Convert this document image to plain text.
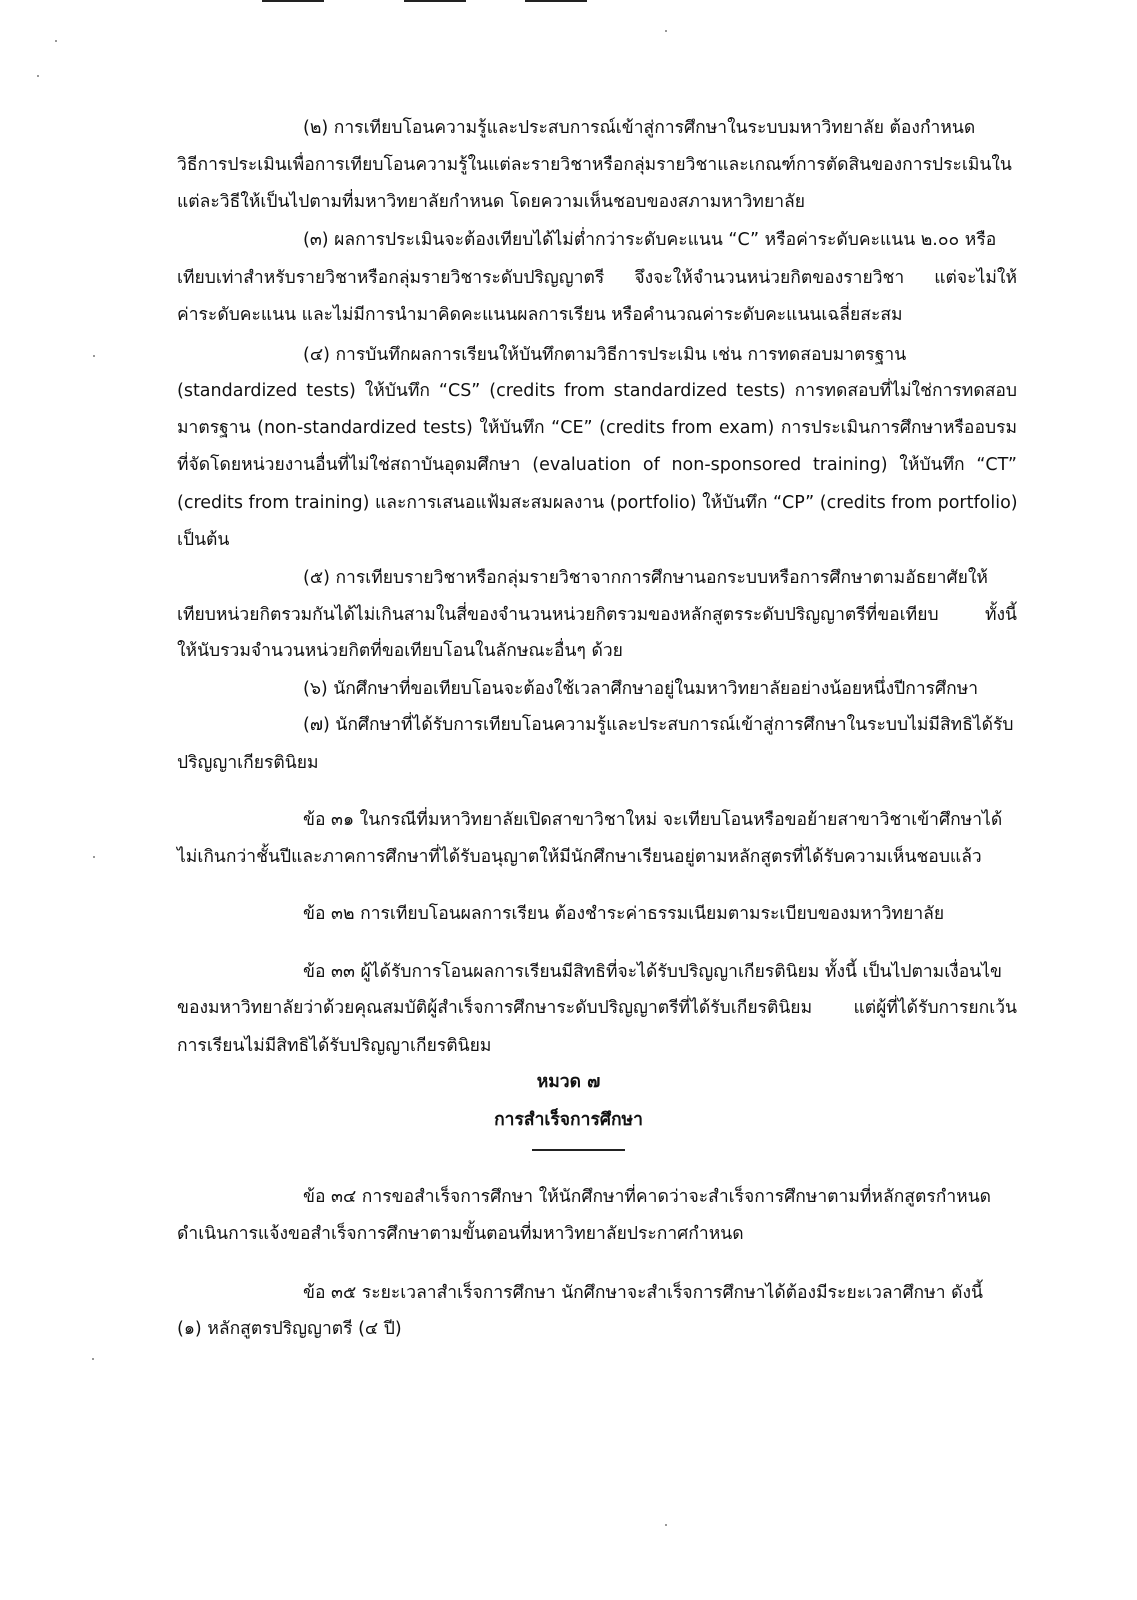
(๒) การเทียบโอนความรู้และประสบการณ์เข้าสู่การศึกษาในระบบมหาวิทยาลัย ต้องกำหนด
วิธีการประเมินเพื่อการเทียบโอนความรู้ในแต่ละรายวิชาหรือกลุ่มรายวิชาและเกณฑ์การตัดสินของการประเมินใน
แต่ละวิธีให้เป็นไปตามที่มหาวิทยาลัยกำหนด โดยความเห็นชอบของสภามหาวิทยาลัย
(๓) ผลการประเมินจะต้องเทียบได้ไม่ต่ำกว่าระดับคะแนน “C” หรือค่าระดับคะแนน ๒.๐๐ หรือ
เทียบเท่าสำหรับรายวิชาหรือกลุ่มรายวิชาระดับปริญญาตรี จึงจะให้จำนวนหน่วยกิตของรายวิชา แต่จะไม่ให้
ค่าระดับคะแนน และไม่มีการนำมาคิดคะแนนผลการเรียน หรือคำนวณค่าระดับคะแนนเฉลี่ยสะสม
(๔) การบันทึกผลการเรียนให้บันทึกตามวิธีการประเมิน เช่น การทดสอบมาตรฐาน
(standardized tests) ให้บันทึก “CS” (credits from standardized tests) การทดสอบที่ไม่ใช่การทดสอบ
มาตรฐาน (non-standardized tests) ให้บันทึก “CE” (credits from exam) การประเมินการศึกษาหรืออบรม
ที่จัดโดยหน่วยงานอื่นที่ไม่ใช่สถาบันอุดมศึกษา (evaluation of non-sponsored training) ให้บันทึก “CT”
(credits from training) และการเสนอแฟ้มสะสมผลงาน (portfolio) ให้บันทึก “CP” (credits from portfolio)
เป็นต้น
(๕) การเทียบรายวิชาหรือกลุ่มรายวิชาจากการศึกษานอกระบบหรือการศึกษาตามอัธยาศัยให้
เทียบหน่วยกิตรวมกันได้ไม่เกินสามในสี่ของจำนวนหน่วยกิตรวมของหลักสูตรระดับปริญญาตรีที่ขอเทียบ ทั้งนี้
ให้นับรวมจำนวนหน่วยกิตที่ขอเทียบโอนในลักษณะอื่นๆ ด้วย
(๖) นักศึกษาที่ขอเทียบโอนจะต้องใช้เวลาศึกษาอยู่ในมหาวิทยาลัยอย่างน้อยหนึ่งปีการศึกษา
(๗) นักศึกษาที่ได้รับการเทียบโอนความรู้และประสบการณ์เข้าสู่การศึกษาในระบบไม่มีสิทธิได้รับ
ปริญญาเกียรตินิยม
ข้อ ๓๑ ในกรณีที่มหาวิทยาลัยเปิดสาขาวิชาใหม่ จะเทียบโอนหรือขอย้ายสาขาวิชาเข้าศึกษาได้
ไม่เกินกว่าชั้นปีและภาคการศึกษาที่ได้รับอนุญาตให้มีนักศึกษาเรียนอยู่ตามหลักสูตรที่ได้รับความเห็นชอบแล้ว
ข้อ ๓๒ การเทียบโอนผลการเรียน ต้องชำระค่าธรรมเนียมตามระเบียบของมหาวิทยาลัย
ข้อ ๓๓ ผู้ได้รับการโอนผลการเรียนมีสิทธิที่จะได้รับปริญญาเกียรตินิยม ทั้งนี้ เป็นไปตามเงื่อนไข
ของมหาวิทยาลัยว่าด้วยคุณสมบัติผู้สำเร็จการศึกษาระดับปริญญาตรีที่ได้รับเกียรตินิยม แต่ผู้ที่ได้รับการยกเว้น
การเรียนไม่มีสิทธิได้รับปริญญาเกียรตินิยม
หมวด ๗
การสำเร็จการศึกษา
ข้อ ๓๔ การขอสำเร็จการศึกษา ให้นักศึกษาที่คาดว่าจะสำเร็จการศึกษาตามที่หลักสูตรกำหนด
ดำเนินการแจ้งขอสำเร็จการศึกษาตามขั้นตอนที่มหาวิทยาลัยประกาศกำหนด
ข้อ ๓๕ ระยะเวลาสำเร็จการศึกษา นักศึกษาจะสำเร็จการศึกษาได้ต้องมีระยะเวลาศึกษา ดังนี้
(๑) หลักสูตรปริญญาตรี (๔ ปี)
